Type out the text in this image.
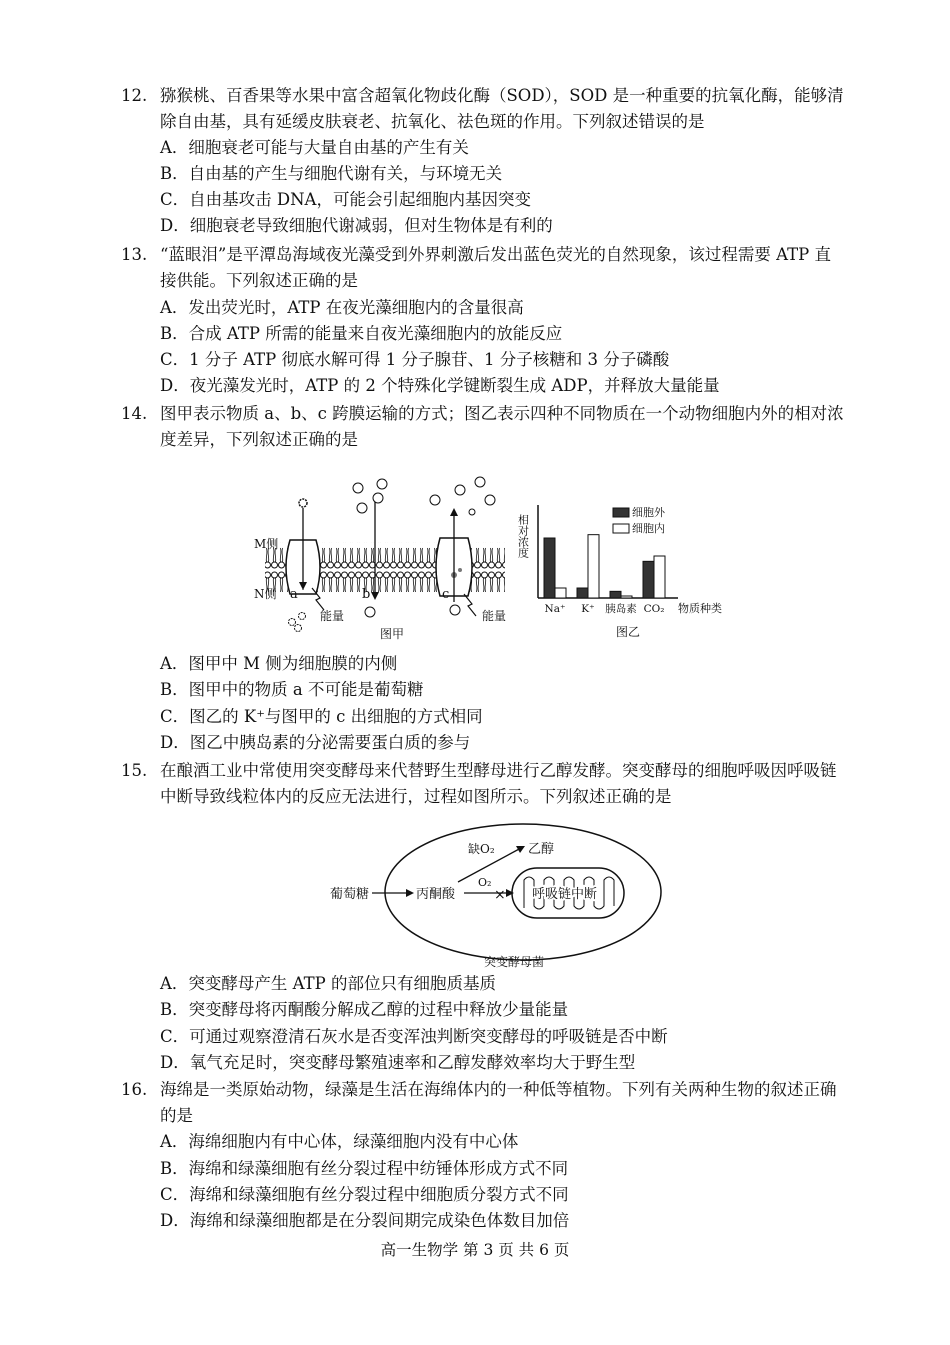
12. 猕猴桃、百香果等水果中富含超氧化物歧化酶（SOD），SOD 是一种重要的抗氧化酶，能够清
除自由基，具有延缓皮肤衰老、抗氧化、祛色斑的作用。下列叙述错误的是
A．细胞衰老可能与大量自由基的产生有关
B．自由基的产生与细胞代谢有关，与环境无关
C．自由基攻击 DNA，可能会引起细胞内基因突变
D．细胞衰老导致细胞代谢减弱，但对生物体是有利的
13. “蓝眼泪”是平潭岛海域夜光藻受到外界刺激后发出蓝色荧光的自然现象，该过程需要 ATP 直
接供能。下列叙述正确的是
A．发出荧光时，ATP 在夜光藻细胞内的含量很高
B．合成 ATP 所需的能量来自夜光藻细胞内的放能反应
C．1 分子 ATP 彻底水解可得 1 分子腺苷、1 分子核糖和 3 分子磷酸
D．夜光藻发光时，ATP 的 2 个特殊化学键断裂生成 ADP，并释放大量能量
14. 图甲表示物质 a、b、c 跨膜运输的方式；图乙表示四种不同物质在一个动物细胞内外的相对浓
度差异，下列叙述正确的是
M侧
N侧 a	b	c
能量	能量
图甲
相对浓度
物质种类
Na⁺ K⁺ 胰岛素 CO₂
细胞外
细胞内
图乙
A．图甲中 M 侧为细胞膜的内侧
B．图甲中的物质 a 不可能是葡萄糖
C．图乙的 K⁺与图甲的 c 出细胞的方式相同
D．图乙中胰岛素的分泌需要蛋白质的参与
15. 在酿酒工业中常使用突变酵母来代替野生型酵母进行乙醇发酵。突变酵母的细胞呼吸因呼吸链
中断导致线粒体内的反应无法进行，过程如图所示。下列叙述正确的是
葡萄糖	丙酮酸
缺O₂	乙醇
O₂
× 呼吸链中断
突变酵母菌
A．突变酵母产生 ATP 的部位只有细胞质基质
B．突变酵母将丙酮酸分解成乙醇的过程中释放少量能量
C．可通过观察澄清石灰水是否变浑浊判断突变酵母的呼吸链是否中断
D．氧气充足时，突变酵母繁殖速率和乙醇发酵效率均大于野生型
16. 海绵是一类原始动物，绿藻是生活在海绵体内的一种低等植物。下列有关两种生物的叙述正确
的是
A．海绵细胞内有中心体，绿藻细胞内没有中心体
B．海绵和绿藻细胞有丝分裂过程中纺锤体形成方式不同
C．海绵和绿藻细胞有丝分裂过程中细胞质分裂方式不同
D．海绵和绿藻细胞都是在分裂间期完成染色体数目加倍
高一生物学 第 3 页 共 6 页
